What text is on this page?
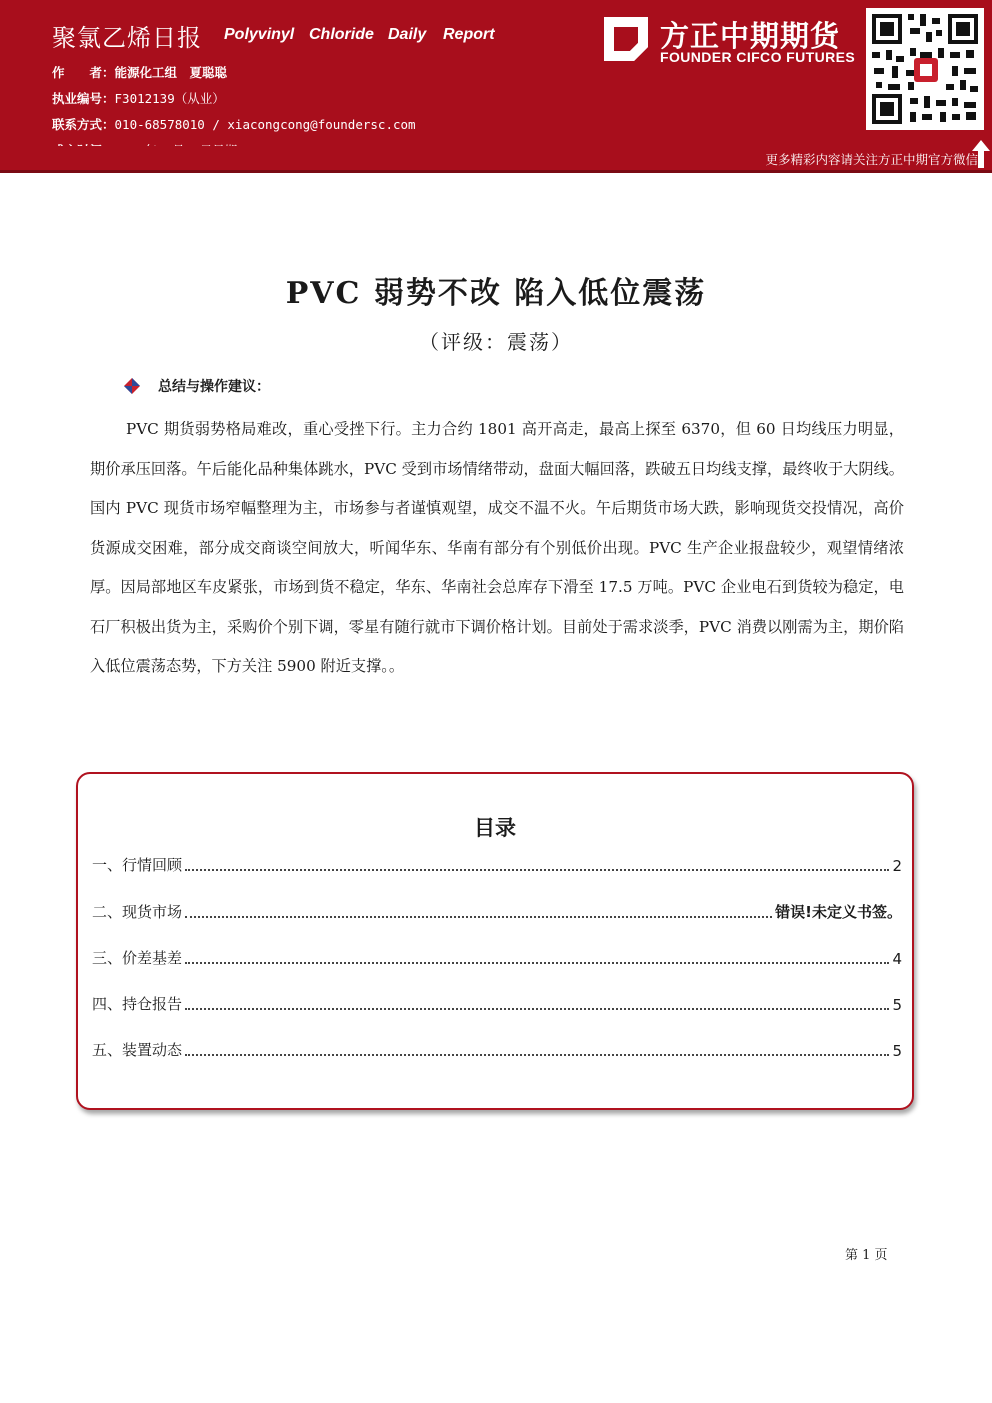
聚氯乙烯日报 Polyvinyl Chloride Daily Report
作　　者：能源化工组　夏聪聪
执业编号：F3012139（从业）
联系方式：010-68578010 / xiacongcong@foundersc.com
方正中期期货
FOUNDER CIFCO FUTURES
更多精彩内容请关注方正中期官方微信
PVC 弱势不改 陷入低位震荡
（评级：震荡）
总结与操作建议：
PVC 期货弱势格局难改，重心受挫下行。主力合约 1801 高开高走，最高上探至 6370，但 60 日均线压力明显，期价承压回落。午后能化品种集体跳水，PVC 受到市场情绪带动，盘面大幅回落，跌破五日均线支撑，最终收于大阴线。国内 PVC 现货市场窄幅整理为主，市场参与者谨慎观望，成交不温不火。午后期货市场大跌，影响现货交投情况，高价货源成交困难，部分成交商谈空间放大，听闻华东、华南有部分有个别低价出现。PVC 生产企业报盘较少，观望情绪浓厚。因局部地区车皮紧张，市场到货不稳定，华东、华南社会总库存下滑至 17.5 万吨。PVC 企业电石到货较为稳定，电石厂积极出货为主，采购价个别下调，零星有随行就市下调价格计划。目前处于需求淡季，PVC 消费以刚需为主，期价陷入低位震荡态势，下方关注 5900 附近支撑。。
目录
一、行情回顾	2
二、现货市场	错误!未定义书签。
三、价差基差	4
四、持仓报告	5
五、装置动态	5
第 1 页
